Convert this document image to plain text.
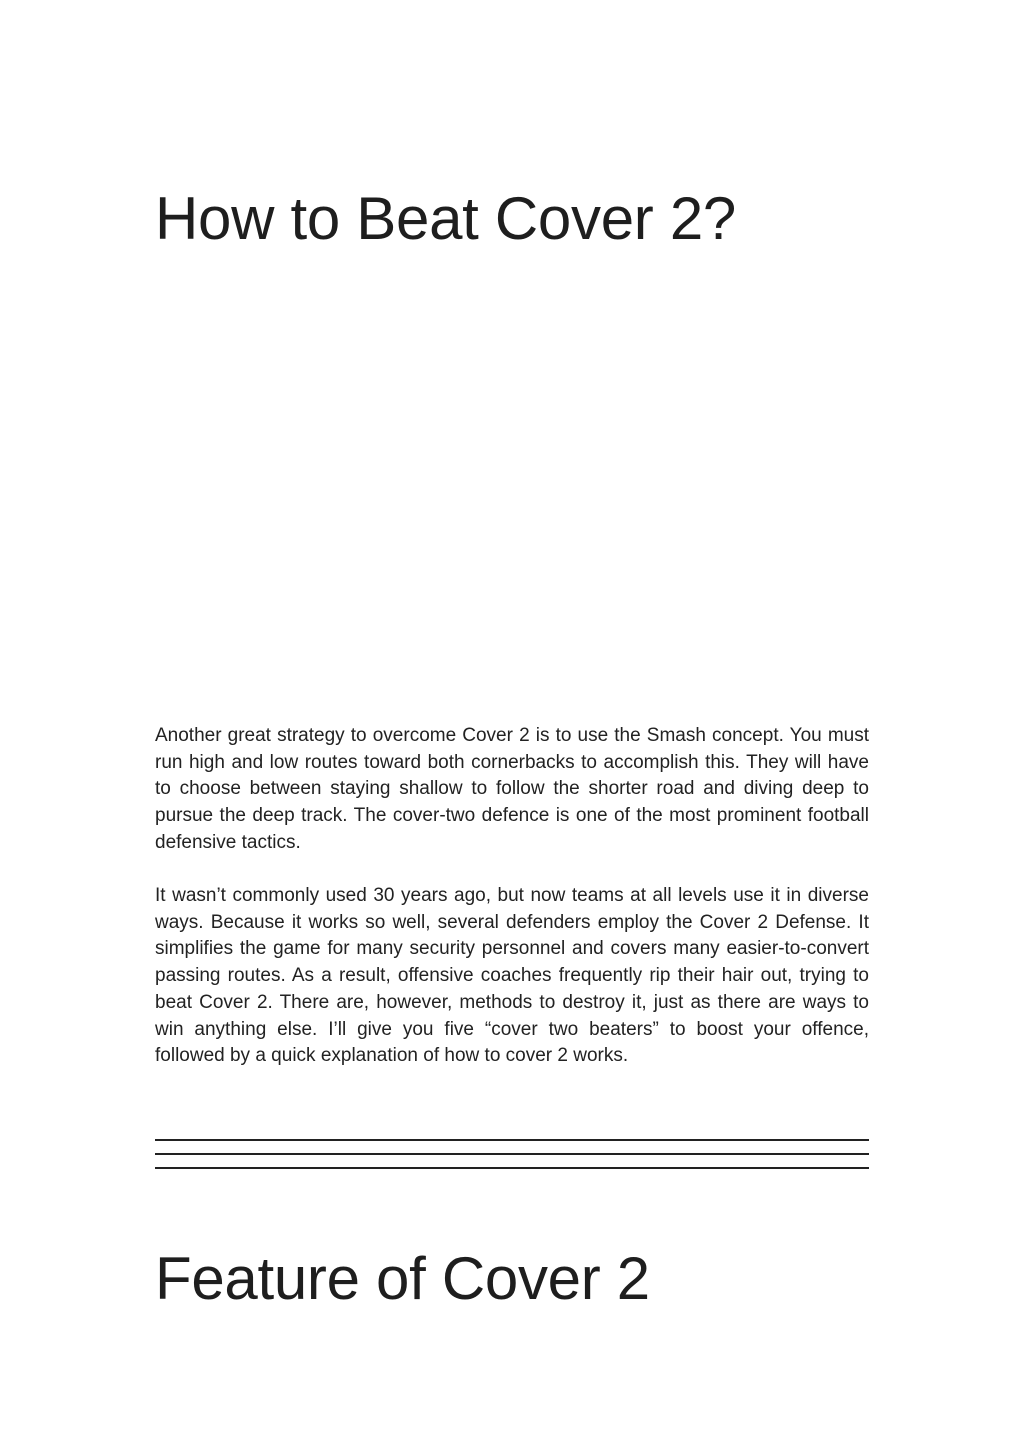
How to Beat Cover 2?

Another great strategy to overcome Cover 2 is to use the Smash concept. You must run high and low routes toward both cornerbacks to accomplish this. They will have to choose between staying shallow to follow the shorter road and diving deep to pursue the deep track. The cover-two defence is one of the most prominent football defensive tactics.

It wasn’t commonly used 30 years ago, but now teams at all levels use it in diverse ways. Because it works so well, several defenders employ the Cover 2 Defense. It simplifies the game for many security personnel and covers many easier-to-convert passing routes. As a result, offensive coaches frequently rip their hair out, trying to beat Cover 2. There are, however, methods to destroy it, just as there are ways to win anything else. I’ll give you five “cover two beaters” to boost your offence, followed by a quick explanation of how to cover 2 works.

Feature of Cover 2
